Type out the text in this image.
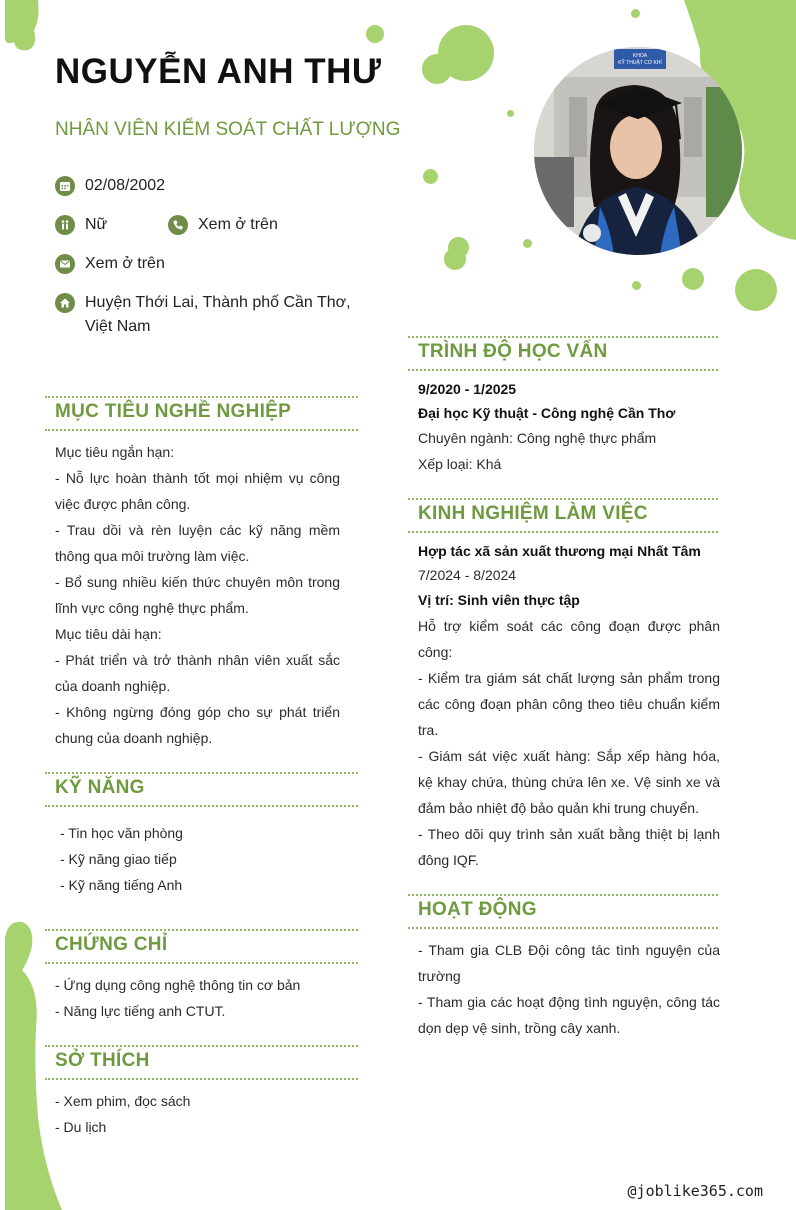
NGUYỄN ANH THƯ
NHÂN VIÊN KIỂM SOÁT CHẤT LƯỢNG
KHOA
KỸ THUẬT CƠ KHÍ
02/08/2002
Nữ	Xem ở trên
Xem ở trên
Huyện Thới Lai, Thành phố Cần Thơ,
Việt Nam
MỤC TIÊU NGHỀ NGHIỆP

Mục tiêu ngắn hạn:

- Nỗ lực hoàn thành tốt mọi nhiệm vụ công việc được phân công.

- Trau dồi và rèn luyện các kỹ năng mềm thông qua môi trường làm việc.

- Bổ sung nhiều kiến thức chuyên môn trong lĩnh vực công nghệ thực phẩm.

Mục tiêu dài hạn:

- Phát triển và trở thành nhân viên xuất sắc của doanh nghiệp.

- Không ngừng đóng góp cho sự phát triển chung của doanh nghiệp.

KỸ NĂNG

- Tin học văn phòng

- Kỹ năng giao tiếp

- Kỹ năng tiếng Anh

CHỨNG CHỈ

- Ứng dụng công nghệ thông tin cơ bản

- Năng lực tiếng anh CTUT.

SỞ THÍCH

- Xem phim, đọc sách

- Du lịch

TRÌNH ĐỘ HỌC VẤN

9/2020 - 1/2025

Đại học Kỹ thuật - Công nghệ Cần Thơ

Chuyên ngành: Công nghệ thực phẩm

Xếp loại: Khá

KINH NGHIỆM LÀM VIỆC

Hợp tác xã sản xuất thương mại Nhất Tâm

7/2024 - 8/2024

Vị trí: Sinh viên thực tập

Hỗ trợ kiểm soát các công đoạn được phân công:

- Kiểm tra giám sát chất lượng sản phẩm trong các công đoạn phân công theo tiêu chuẩn kiểm tra.

- Giám sát việc xuất hàng: Sắp xếp hàng hóa, kệ khay chứa, thùng chứa lên xe. Vệ sinh xe và đảm bảo nhiệt độ bảo quản khi trung chuyển.

- Theo dõi quy trình sản xuất bằng thiệt bị lạnh đông IQF.

HOẠT ĐỘNG

- Tham gia CLB Đội công tác tình nguyện của trường

- Tham gia các hoạt động tình nguyện, công tác dọn dẹp vệ sinh, trồng cây xanh.

@joblike365.com
